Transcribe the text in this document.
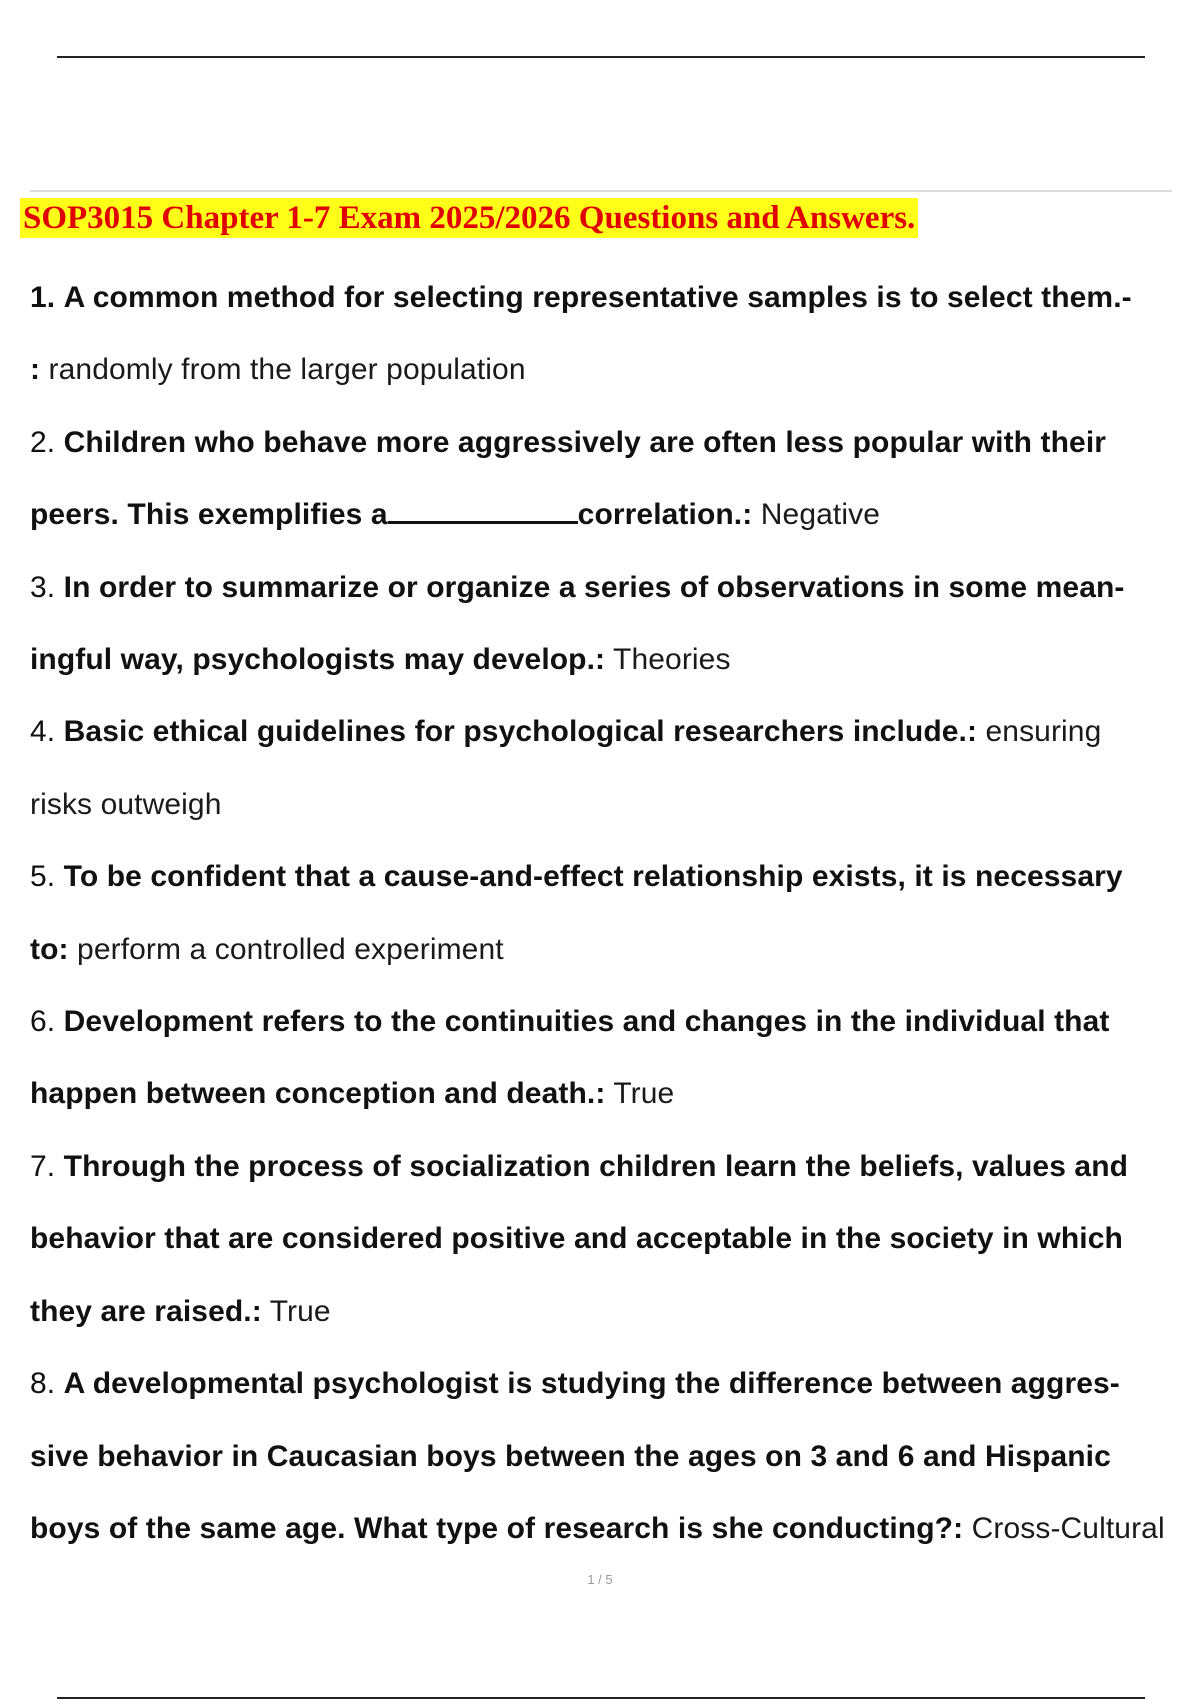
SOP3015 Chapter 1-7 Exam 2025/2026 Questions and Answers.
1. A common method for selecting representative samples is to select them.-
: randomly from the larger population
2. Children who behave more aggressively are often less popular with their
peers. This exemplifies a	correlation.: Negative
3. In order to summarize or organize a series of observations in some mean-
ingful way, psychologists may develop.: Theories
4. Basic ethical guidelines for psychological researchers include.: ensuring
risks outweigh
5. To be confident that a cause-and-effect relationship exists, it is necessary
to: perform a controlled experiment
6. Development refers to the continuities and changes in the individual that
happen between conception and death.: True
7. Through the process of socialization children learn the beliefs, values and
behavior that are considered positive and acceptable in the society in which
they are raised.: True
8. A developmental psychologist is studying the difference between aggres-
sive behavior in Caucasian boys between the ages on 3 and 6 and Hispanic
boys of the same age. What type of research is she conducting?: Cross-Cultural
1 / 5
